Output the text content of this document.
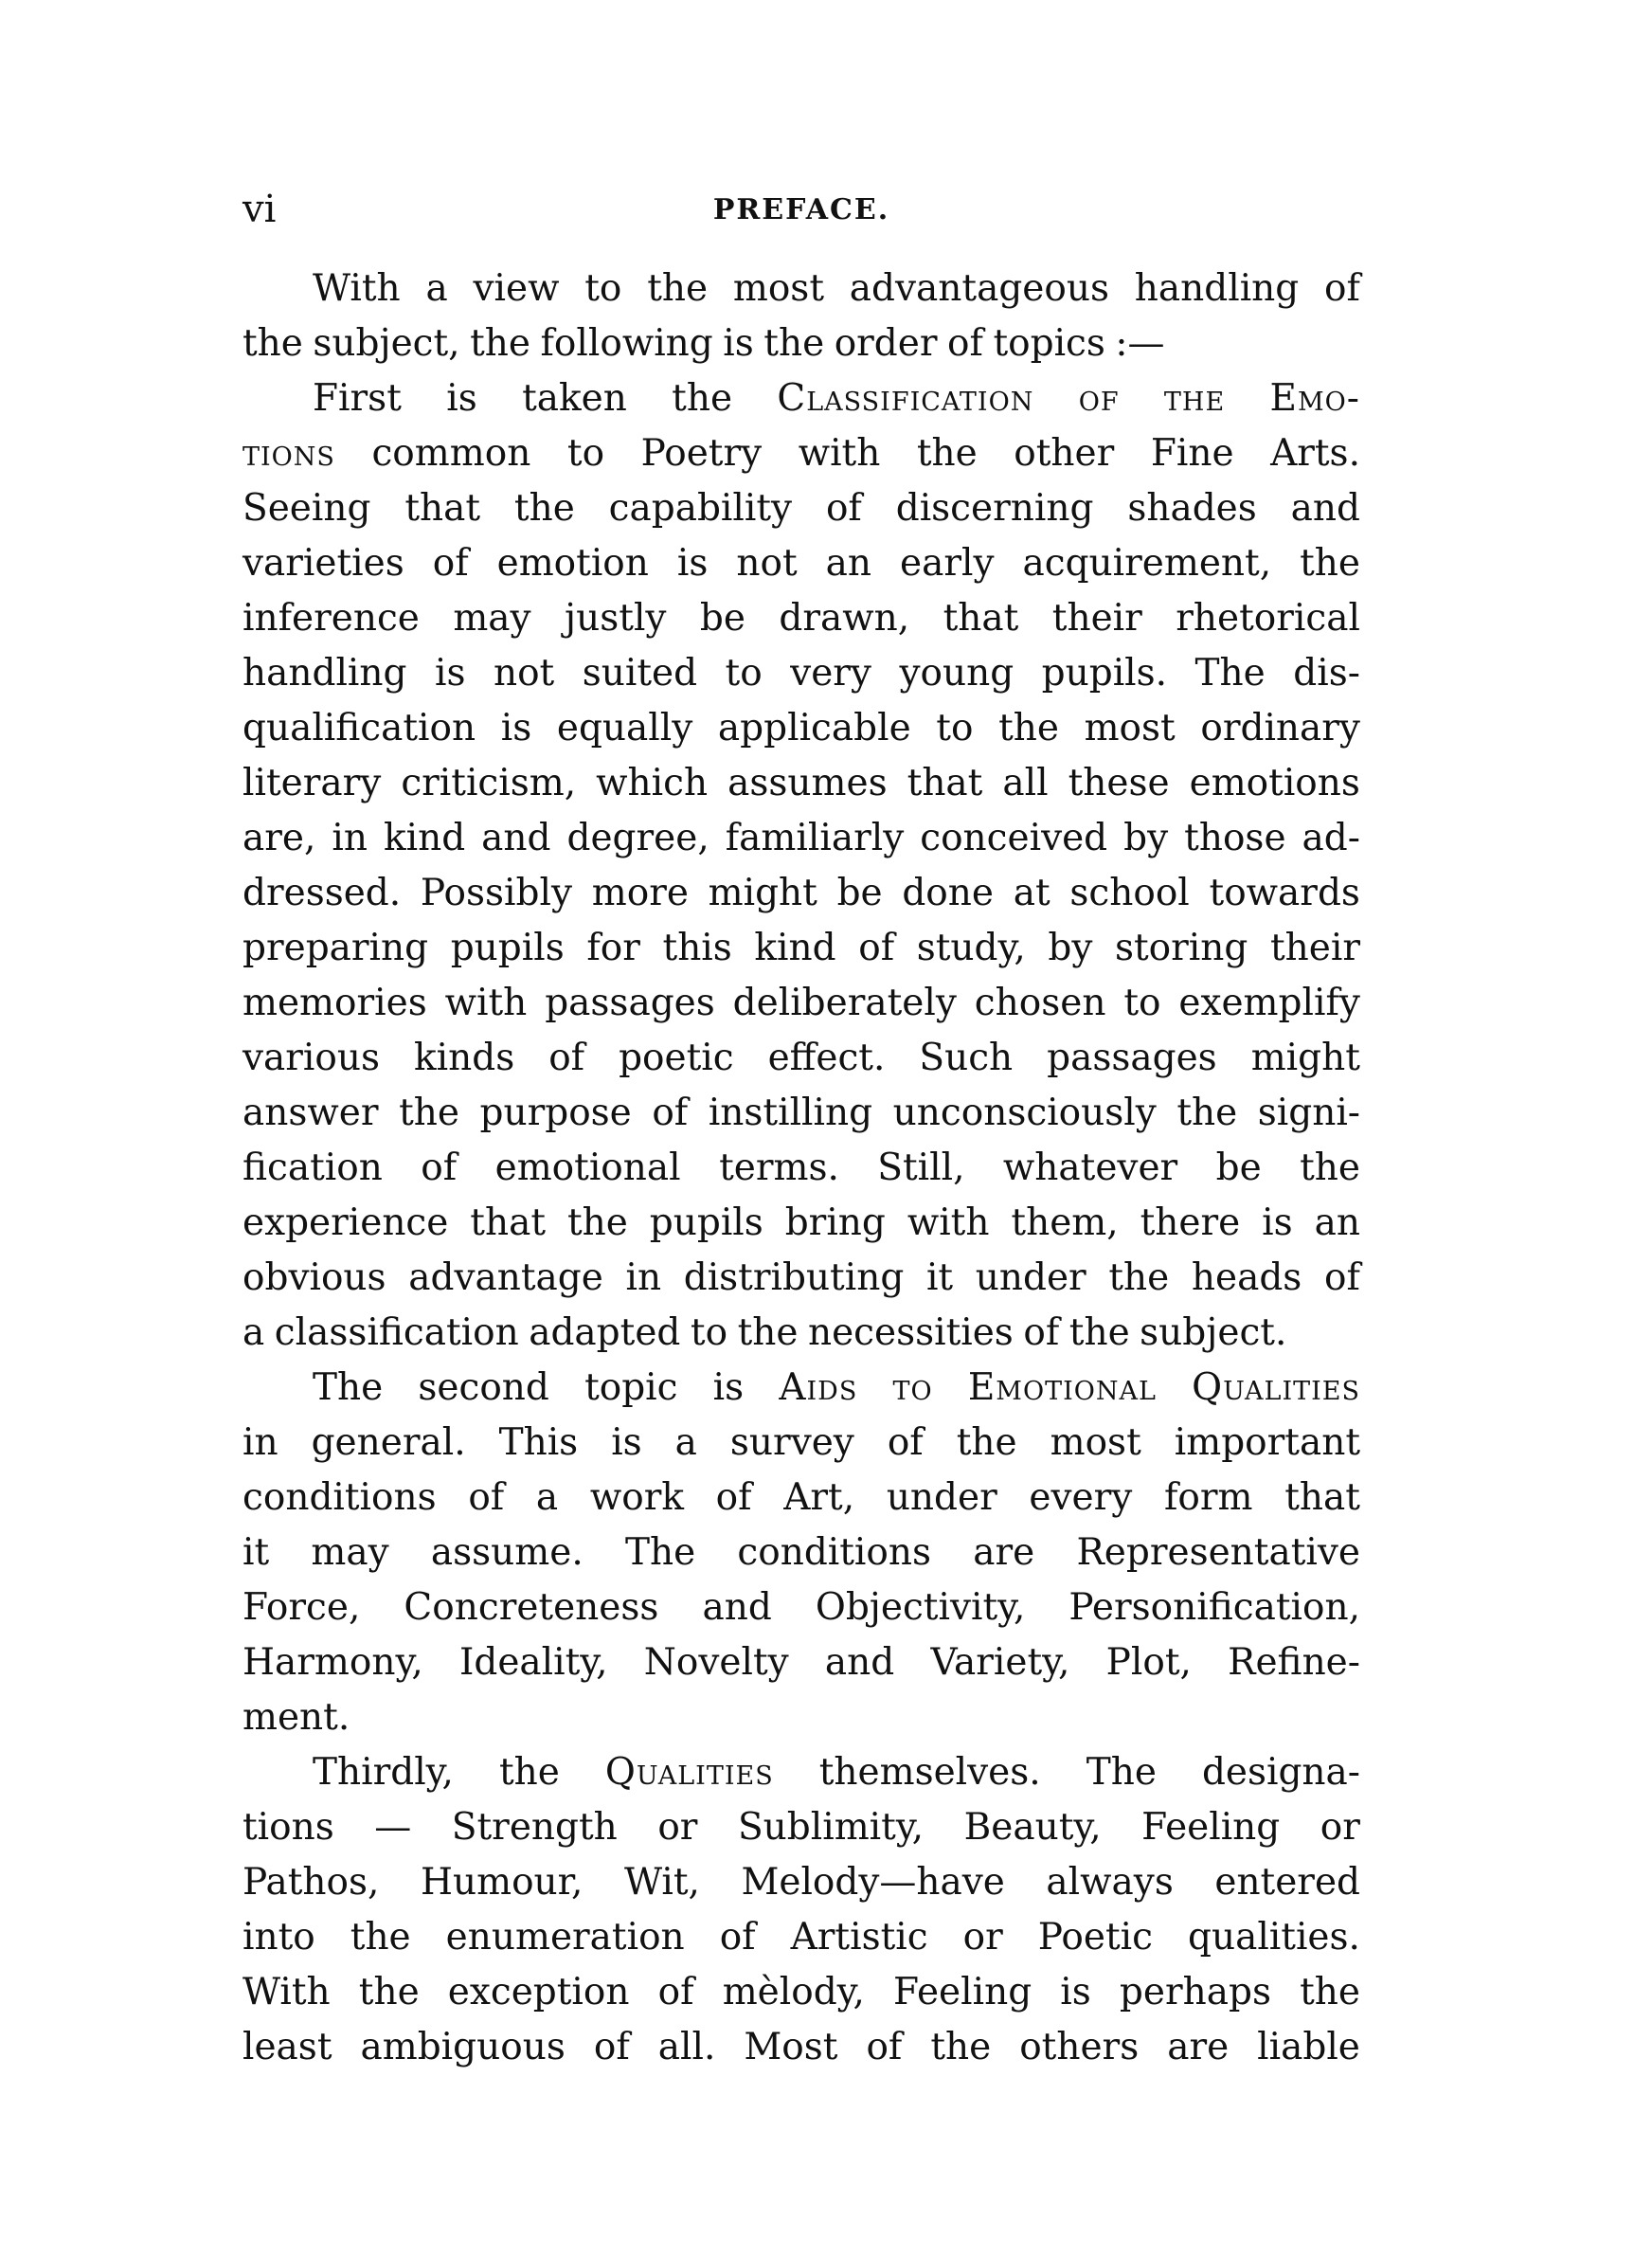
vi	PREFACE.
With a view to the most advantageous handling of
the subject, the following is the order of topics :—
First is taken the Classification of the Emo-
tions common to Poetry with the other Fine Arts.
Seeing that the capability of discerning shades and
varieties of emotion is not an early acquirement, the
inference may justly be drawn, that their rhetorical
handling is not suited to very young pupils. The dis-
qualification is equally applicable to the most ordinary
literary criticism, which assumes that all these emotions
are, in kind and degree, familiarly conceived by those ad-
dressed. Possibly more might be done at school towards
preparing pupils for this kind of study, by storing their
memories with passages deliberately chosen to exemplify
various kinds of poetic effect. Such passages might
answer the purpose of instilling unconsciously the signi-
fication of emotional terms. Still, whatever be the
experience that the pupils bring with them, there is an
obvious advantage in distributing it under the heads of
a classification adapted to the necessities of the subject.
The second topic is Aids to Emotional Qualities
in general. This is a survey of the most important
conditions of a work of Art, under every form that
it may assume. The conditions are Representative
Force, Concreteness and Objectivity, Personification,
Harmony, Ideality, Novelty and Variety, Plot, Refine-
ment.
Thirdly, the Qualities themselves. The designa-
tions — Strength or Sublimity, Beauty, Feeling or
Pathos, Humour, Wit, Melody—have always entered
into the enumeration of Artistic or Poetic qualities.
With the exception of mèlody, Feeling is perhaps the
least ambiguous of all. Most of the others are liable
